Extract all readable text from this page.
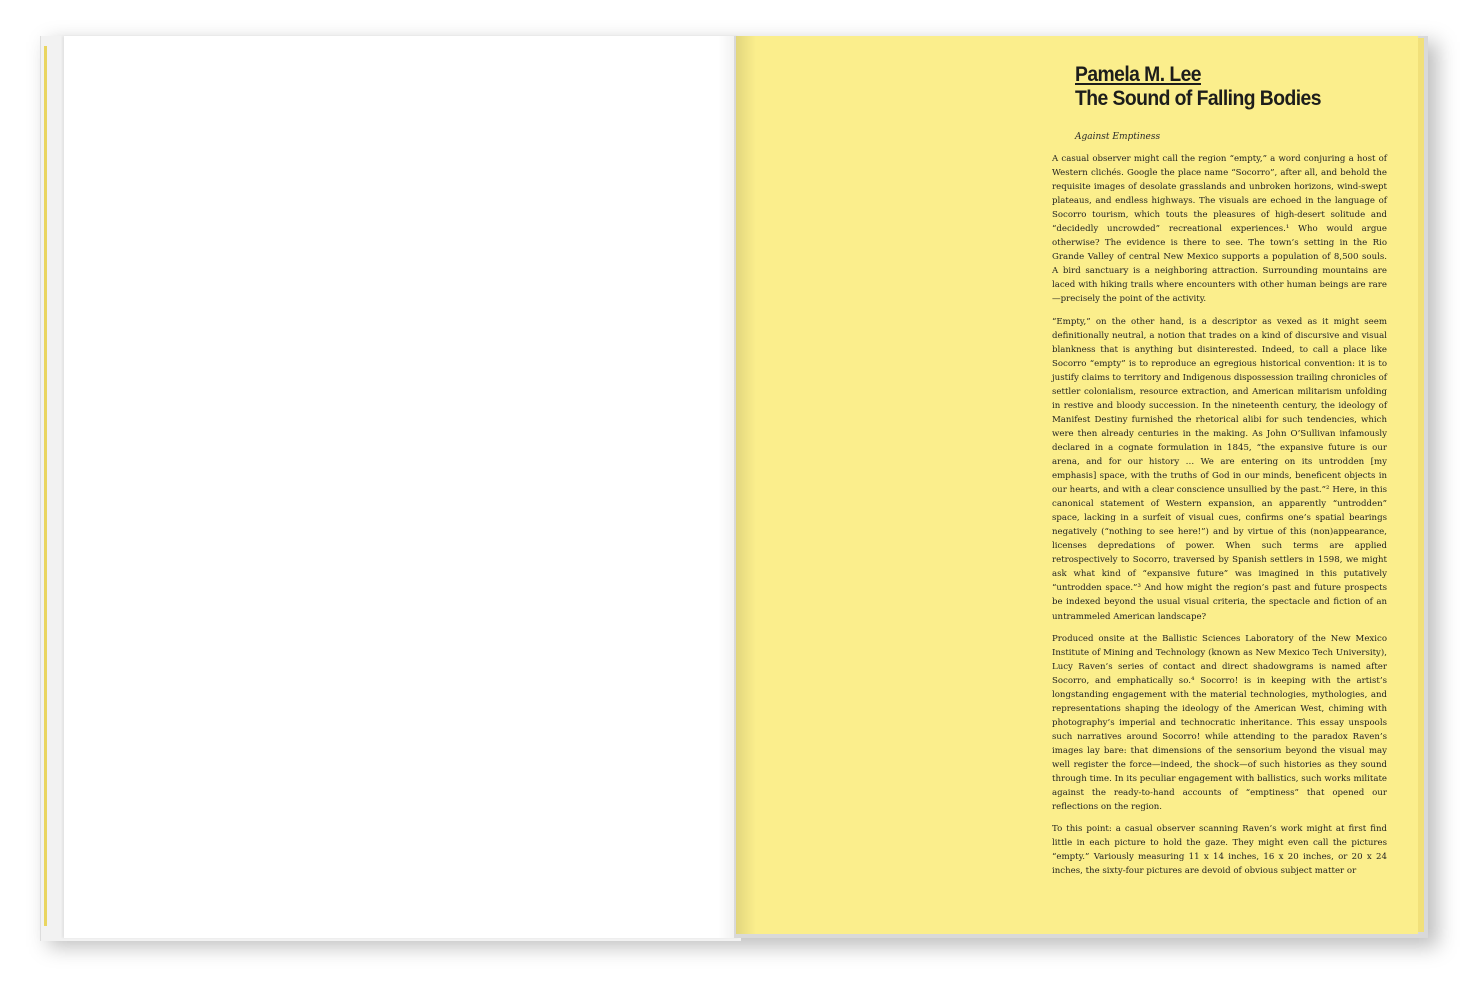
Pamela M. Lee
The Sound of Falling Bodies
Against Emptiness

A casual observer might call the region “empty,” a word conjuring a host of Western clichés. Google the place name “Socorro”, after all, and behold the requisite images of desolate grasslands and unbroken horizons, wind-swept plateaus, and endless highways. The visuals are echoed in the language of Socorro tourism, which touts the pleasures of high-desert solitude and “decidedly uncrowded” recreational experiences.¹ Who would argue otherwise? The evidence is there to see. The town’s setting in the Rio Grande Valley of central New Mexico supports a population of 8,500 souls. A bird sanctuary is a neighboring attraction. Surrounding mountains are laced with hiking trails where encounters with other human beings are rare—precisely the point of the activity.

“Empty,” on the other hand, is a descriptor as vexed as it might seem definitionally neutral, a notion that trades on a kind of discursive and visual blankness that is anything but disinterested. Indeed, to call a place like Socorro “empty” is to reproduce an egregious historical convention: it is to justify claims to territory and Indigenous dispossession trailing chronicles of settler colonialism, resource extraction, and American militarism unfolding in restive and bloody succession. In the nineteenth century, the ideology of Manifest Destiny furnished the rhetorical alibi for such tendencies, which were then already centuries in the making. As John O’Sullivan infamously declared in a cognate formulation in 1845, “the expansive future is our arena, and for our history … We are entering on its untrodden [my emphasis] space, with the truths of God in our minds, beneficent objects in our hearts, and with a clear conscience unsullied by the past.”² Here, in this canonical statement of Western expansion, an apparently “untrodden” space, lacking in a surfeit of visual cues, confirms one’s spatial bearings negatively (“nothing to see here!”) and by virtue of this (non)appearance, licenses depredations of power. When such terms are applied retrospectively to Socorro, traversed by Spanish settlers in 1598, we might ask what kind of “expansive future” was imagined in this putatively “untrodden space.”³ And how might the region’s past and future prospects be indexed beyond the usual visual criteria, the spectacle and fiction of an untrammeled American landscape?

Produced onsite at the Ballistic Sciences Laboratory of the New Mexico Institute of Mining and Technology (known as New Mexico Tech University), Lucy Raven’s series of contact and direct shadowgrams is named after Socorro, and emphatically so.⁴ Socorro! is in keeping with the artist’s longstanding engagement with the material technologies, mythologies, and representations shaping the ideology of the American West, chiming with photography’s imperial and technocratic inheritance. This essay unspools such narratives around Socorro! while attending to the paradox Raven’s images lay bare: that dimensions of the sensorium beyond the visual may well register the force—indeed, the shock—of such histories as they sound through time. In its peculiar engagement with ballistics, such works militate against the ready-to-hand accounts of “emptiness” that opened our reflections on the region.

To this point: a casual observer scanning Raven’s work might at first find little in each picture to hold the gaze. They might even call the pictures “empty.” Variously measuring 11 x 14 inches, 16 x 20 inches, or 20 x 24 inches, the sixty-four pictures are devoid of obvious subject matter or
